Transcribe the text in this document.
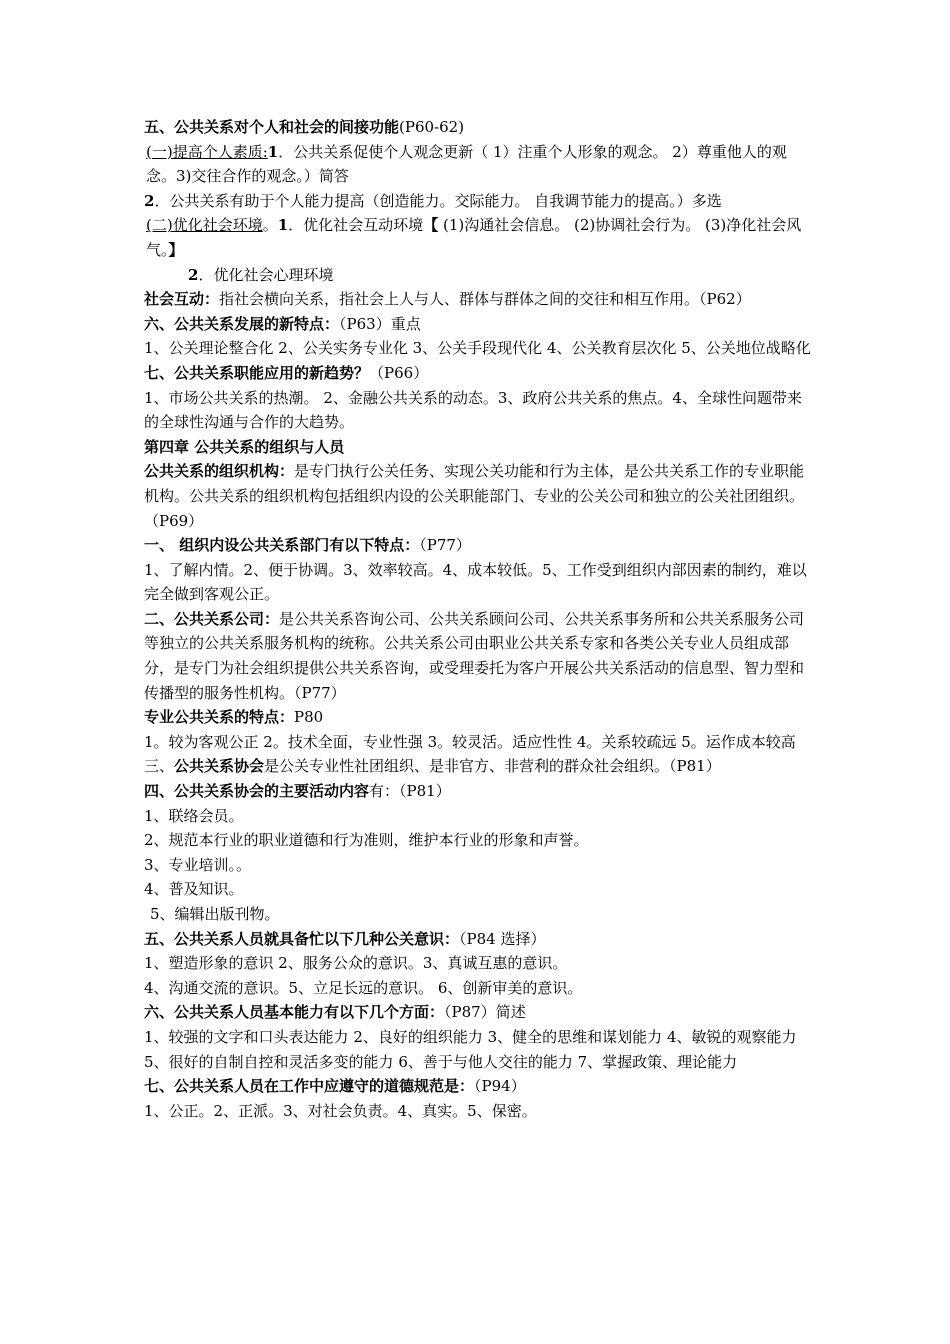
五、公共关系对个人和社会的间接功能(P60-62)

(一)提高个人素质:1．公共关系促使个人观念更新（ 1）注重个人形象的观念。 2）尊重他人的观念。3)交往合作的观念。）简答

2．公共关系有助于个人能力提高（创造能力。交际能力。 自我调节能力的提高。）多选

(二)优化社会环境。1．优化社会互动环境【 (1)沟通社会信息。 (2)协调社会行为。 (3)净化社会风气。】

2．优化社会心理环境

社会互动：指社会横向关系，指社会上人与人、群体与群体之间的交往和相互作用。（P62）

六、公共关系发展的新特点：（P63）重点

1、公关理论整合化 2、公关实务专业化 3、公关手段现代化 4、公关教育层次化 5、公关地位战略化

七、公共关系职能应用的新趋势？（P66）

1、市场公共关系的热潮。 2、金融公共关系的动态。3、政府公共关系的焦点。4、全球性问题带来的全球性沟通与合作的大趋势。

第四章 公共关系的组织与人员

公共关系的组织机构：是专门执行公关任务、实现公关功能和行为主体，是公共关系工作的专业职能机构。公共关系的组织机构包括组织内设的公关职能部门、专业的公关公司和独立的公关社团组织。（P69）

一、 组织内设公共关系部门有以下特点：（P77）

1、了解内情。2、便于协调。3、效率较高。4、成本较低。5、工作受到组织内部因素的制约，难以完全做到客观公正。

二、公共关系公司：是公共关系咨询公司、公共关系顾问公司、公共关系事务所和公共关系服务公司等独立的公共关系服务机构的统称。公共关系公司由职业公共关系专家和各类公关专业人员组成部分，是专门为社会组织提供公共关系咨询，或受理委托为客户开展公共关系活动的信息型、智力型和传播型的服务性机构。（P77）

专业公共关系的特点：P80

1。较为客观公正 2。技术全面，专业性强 3。较灵活。适应性性 4。关系较疏远 5。运作成本较高

三、公共关系协会是公关专业性社团组织、是非官方、非营利的群众社会组织。（P81）

四、公共关系协会的主要活动内容有：（P81）

1、联络会员。

2、规范本行业的职业道德和行为准则，维护本行业的形象和声誉。

3、专业培训。。

4、普及知识。

5、编辑出版刊物。

五、公共关系人员就具备忙以下几种公关意识：（P84 选择）

1、塑造形象的意识 2、服务公众的意识。3、真诚互惠的意识。

4、沟通交流的意识。5、立足长远的意识。 6、创新审美的意识。

六、公共关系人员基本能力有以下几个方面：（P87）简述

1、较强的文字和口头表达能力 2、良好的组织能力 3、健全的思维和谋划能力 4、敏锐的观察能力 5、很好的自制自控和灵活多变的能力 6、善于与他人交往的能力 7、掌握政策、理论能力

七、公共关系人员在工作中应遵守的道德规范是：（P94）

1、公正。2、正派。3、对社会负责。4、真实。5、保密。
